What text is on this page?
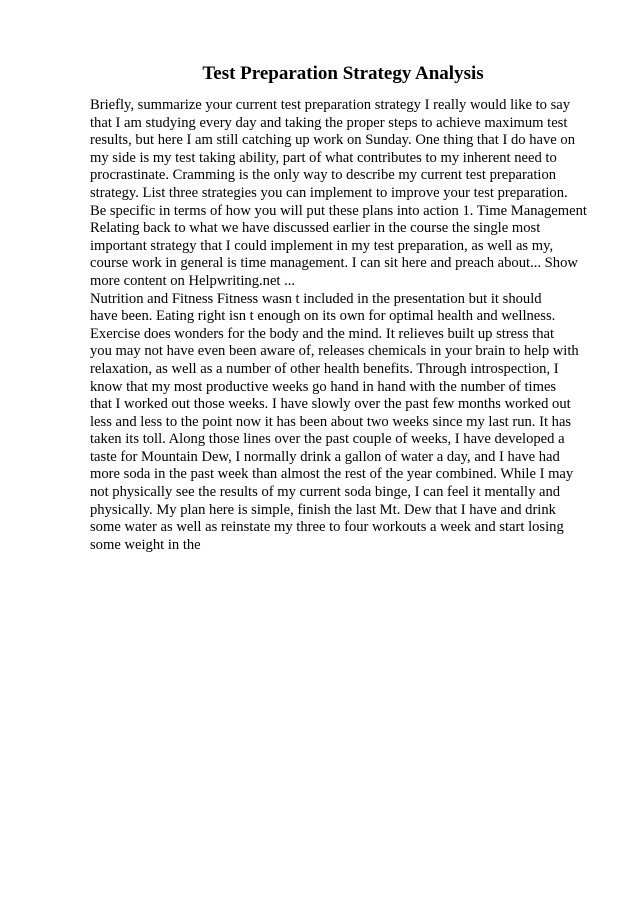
Test Preparation Strategy Analysis
Briefly, summarize your current test preparation strategy I really would like to say
that I am studying every day and taking the proper steps to achieve maximum test
results, but here I am still catching up work on Sunday. One thing that I do have on
my side is my test taking ability, part of what contributes to my inherent need to
procrastinate. Cramming is the only way to describe my current test preparation
strategy. List three strategies you can implement to improve your test preparation.
Be specific in terms of how you will put these plans into action 1. Time Management
Relating back to what we have discussed earlier in the course the single most
important strategy that I could implement in my test preparation, as well as my,
course work in general is time management. I can sit here and preach about... Show
more content on Helpwriting.net ...
Nutrition and Fitness Fitness wasn t included in the presentation but it should
have been. Eating right isn t enough on its own for optimal health and wellness.
Exercise does wonders for the body and the mind. It relieves built up stress that
you may not have even been aware of, releases chemicals in your brain to help with
relaxation, as well as a number of other health benefits. Through introspection, I
know that my most productive weeks go hand in hand with the number of times
that I worked out those weeks. I have slowly over the past few months worked out
less and less to the point now it has been about two weeks since my last run. It has
taken its toll. Along those lines over the past couple of weeks, I have developed a
taste for Mountain Dew, I normally drink a gallon of water a day, and I have had
more soda in the past week than almost the rest of the year combined. While I may
not physically see the results of my current soda binge, I can feel it mentally and
physically. My plan here is simple, finish the last Mt. Dew that I have and drink
some water as well as reinstate my three to four workouts a week and start losing
some weight in the
